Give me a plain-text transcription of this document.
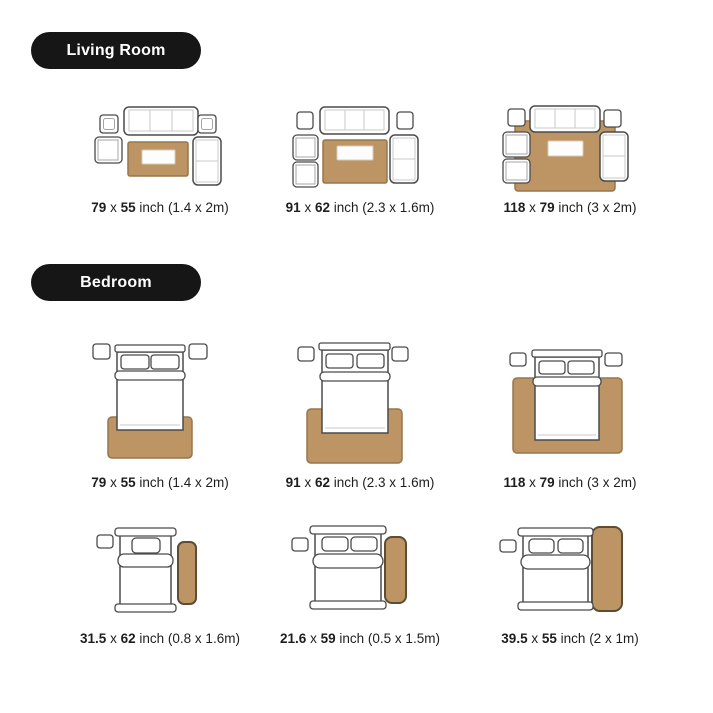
Living Room
79 x 55 inch (1.4 x 2m)	91 x 62 inch (2.3 x 1.6m)	118 x 79 inch (3 x 2m)
Bedroom
79 x 55 inch (1.4 x 2m)	91 x 62 inch (2.3 x 1.6m)	118 x 79 inch (3 x 2m)
31.5 x 62 inch (0.8 x 1.6m)	21.6 x 59 inch (0.5 x 1.5m)	39.5 x 55 inch (2 x 1m)
